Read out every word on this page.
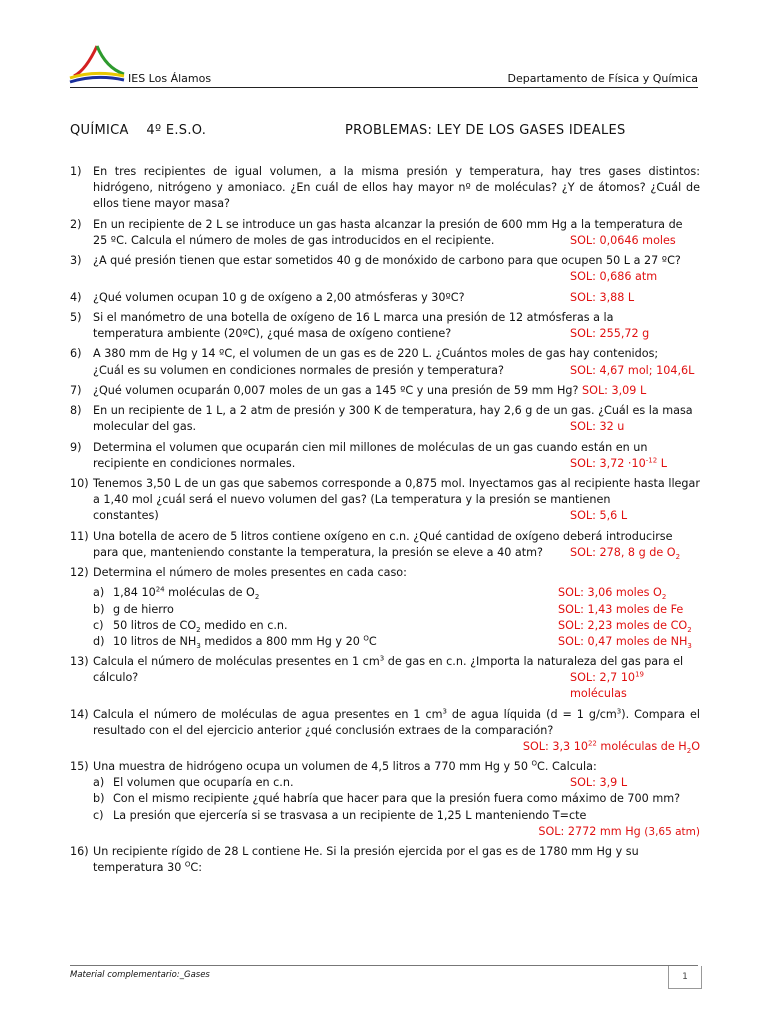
IES Los Álamos	Departamento de Física y Química
QUÍMICA    4º E.S.O.	PROBLEMAS: LEY DE LOS GASES IDEALES
1) En tres recipientes de igual volumen, a la misma presión y temperatura, hay tres gases distintos: hidrógeno, nitrógeno y amoniaco. ¿En cuál de ellos hay mayor nº de moléculas? ¿Y de átomos? ¿Cuál de ellos tiene mayor masa?
2) En un recipiente de 2 L se introduce un gas hasta alcanzar la presión de 600 mm Hg a la temperatura de
25 ºC. Calcula el número de moles de gas introducidos en el recipiente.	SOL: 0,0646 moles
3) ¿A qué presión tienen que estar sometidos 40 g de monóxido de carbono para que ocupen 50 L a 27 ºC?
SOL: 0,686 atm
4) ¿Qué volumen ocupan 10 g de oxígeno a 2,00 atmósferas y 30ºC?	SOL: 3,88 L
5) Si el manómetro de una botella de oxígeno de 16 L marca una presión de 12 atmósferas a la
temperatura ambiente (20ºC), ¿qué masa de oxígeno contiene?	SOL: 255,72 g
6) A 380 mm de Hg y 14 ºC, el volumen de un gas es de 220 L. ¿Cuántos moles de gas hay contenidos;
¿Cuál es su volumen en condiciones normales de presión y temperatura?	SOL: 4,67 mol; 104,6L
7) ¿Qué volumen ocuparán 0,007 moles de un gas a 145 ºC y una presión de 59 mm Hg? SOL: 3,09 L
8) En un recipiente de 1 L, a 2 atm de presión y 300 K de temperatura, hay 2,6 g de un gas. ¿Cuál es la masa
molecular del gas.	SOL: 32 u
9) Determina el volumen que ocuparán cien mil millones de moléculas de un gas cuando están en un
recipiente en condiciones normales.	SOL: $3,72 \cdot 10^{-12}$ L
10) Tenemos 3,50 L de un gas que sabemos corresponde a 0,875 mol. Inyectamos gas al recipiente hasta llegar a 1,40 mol ¿cuál será el nuevo volumen del gas? (La temperatura y la presión se mantienen
constantes)	SOL: 5,6 L
11) Una botella de acero de 5 litros contiene oxígeno en c.n. ¿Qué cantidad de oxígeno deberá introducirse
para que, manteniendo constante la temperatura, la presión se eleve a 40 atm? SOL: 278, 8 g de $O_2$
12) Determina el número de moles presentes en cada caso:
a) 1,84 $10^{24}$ moléculas de $O_2$	SOL: 3,06 moles $O_2$
b) g de hierro	SOL: 1,43 moles de Fe
c) 50 litros de $CO_2$ medido en c.n.	SOL: 2,23 moles de $CO_2$
d) 10 litros de $NH_3$ medidos a 800 mm Hg y 20 $^O$C	SOL: 0,47 moles de $NH_3$
13) Calcula el número de moléculas presentes en 1 $cm^3$ de gas en c.n. ¿Importa la naturaleza del gas para el
cálculo?	SOL: 2,7 $10^{19}$ moléculas
14) Calcula el número de moléculas de agua presentes en 1 $cm^3$ de agua líquida (d = 1 $g/cm^3$). Compara el resultado con el del ejercicio anterior ¿qué conclusión extraes de la comparación?
SOL: 3,3 $10^{22}$ moléculas de $H_2O$
15) Una muestra de hidrógeno ocupa un volumen de 4,5 litros a 770 mm Hg y 50 $^O$C. Calcula:
a) El volumen que ocuparía en c.n.	SOL: 3,9 L
b) Con el mismo recipiente ¿qué habría que hacer para que la presión fuera como máximo de 700 mm?
c) La presión que ejercería si se trasvasa a un recipiente de 1,25 L manteniendo T=cte
SOL: 2772 mm Hg (3,65 atm)
16) Un recipiente rígido de 28 L contiene He. Si la presión ejercida por el gas es de 1780 mm Hg y su
temperatura 30 $^O$C:
Material complementario:_Gases	1
